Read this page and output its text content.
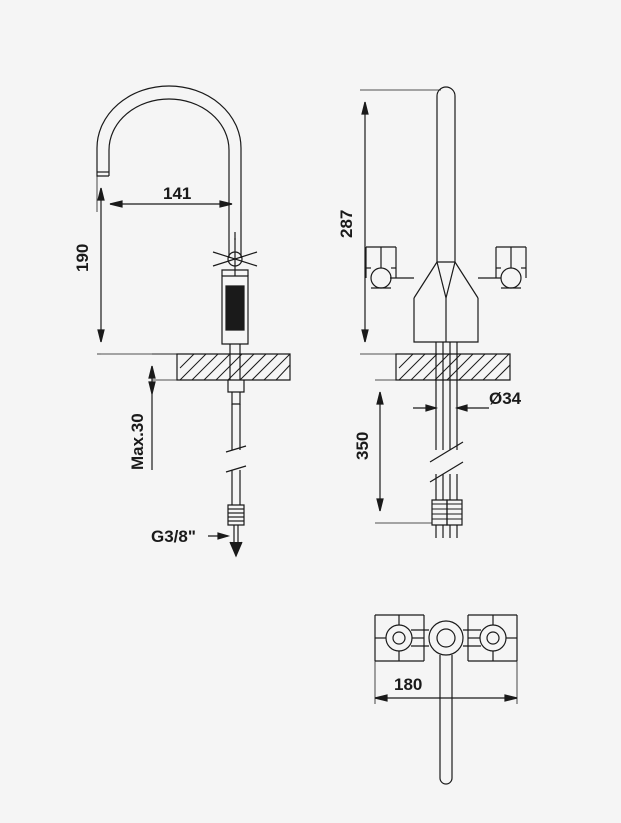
141
190
Max.30
G3/8"
287
350
Ø34
180
